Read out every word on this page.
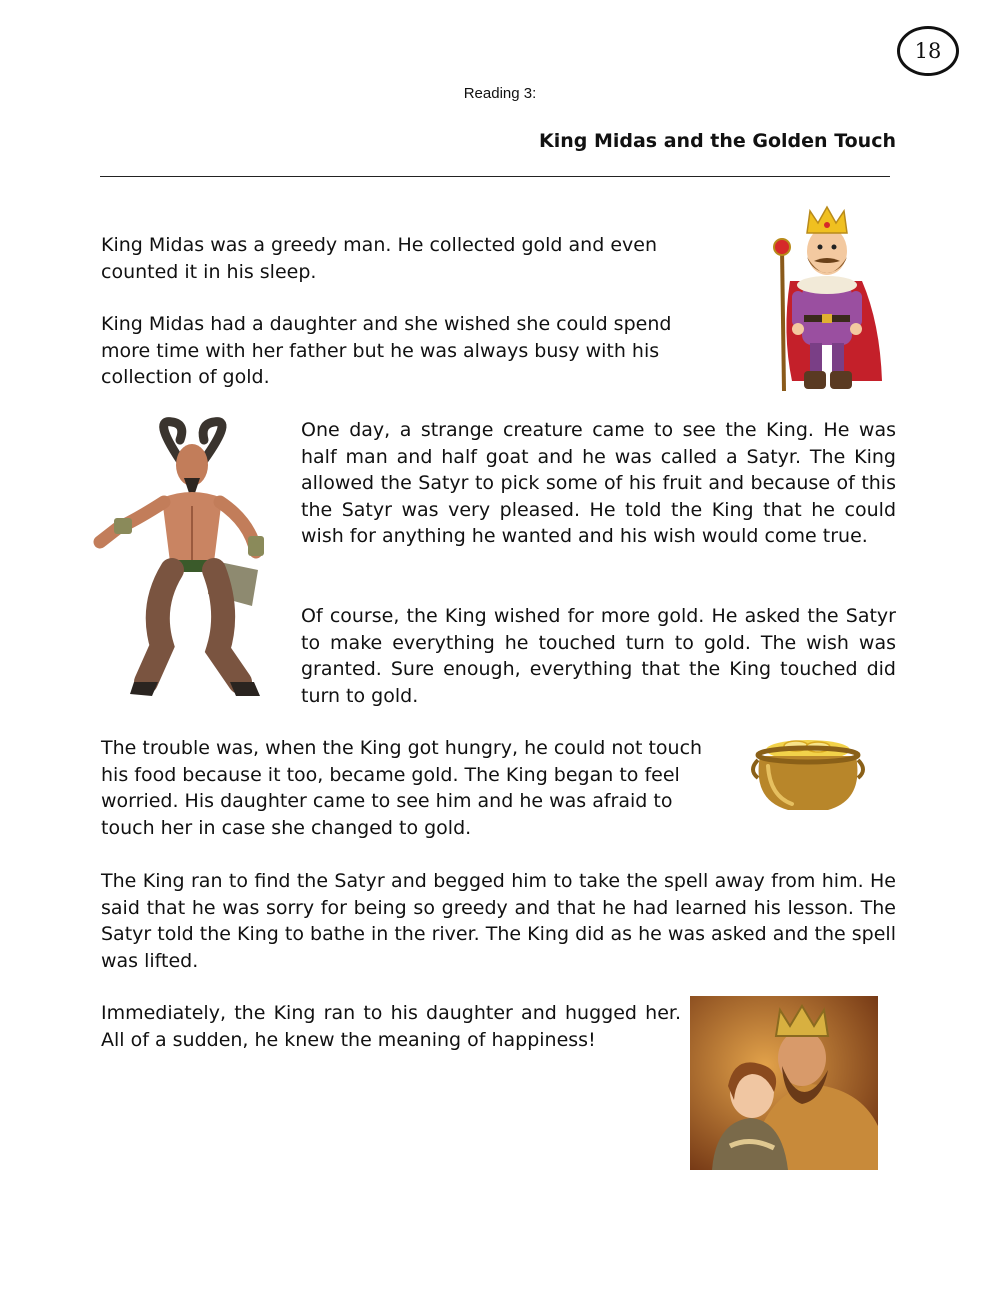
18
Reading 3:
King Midas and the Golden Touch

King Midas was a greedy man. He collected gold and even counted it in his sleep.

King Midas had a daughter and she wished she could spend more time with her father but he was always busy with his collection of gold.

One day, a strange creature came to see the King. He was half man and half goat and he was called a Satyr. The King allowed the Satyr to pick some of his fruit and because of this the Satyr was very pleased. He told the King that he could wish for anything he wanted and his wish would come true.

Of course, the King wished for more gold. He asked the Satyr to make everything he touched turn to gold. The wish was granted. Sure enough, everything that the King touched did turn to gold.

The trouble was, when the King got hungry, he could not touch his food because it too, became gold. The King began to feel worried. His daughter came to see him and he was afraid to touch her in case she changed to gold.

The King ran to find the Satyr and begged him to take the spell away from him. He said that he was sorry for being so greedy and that he had learned his lesson. The Satyr told the King to bathe in the river. The King did as he was asked and the spell was lifted.

Immediately, the King ran to his daughter and hugged her. All of a sudden, he knew the meaning of happiness!
